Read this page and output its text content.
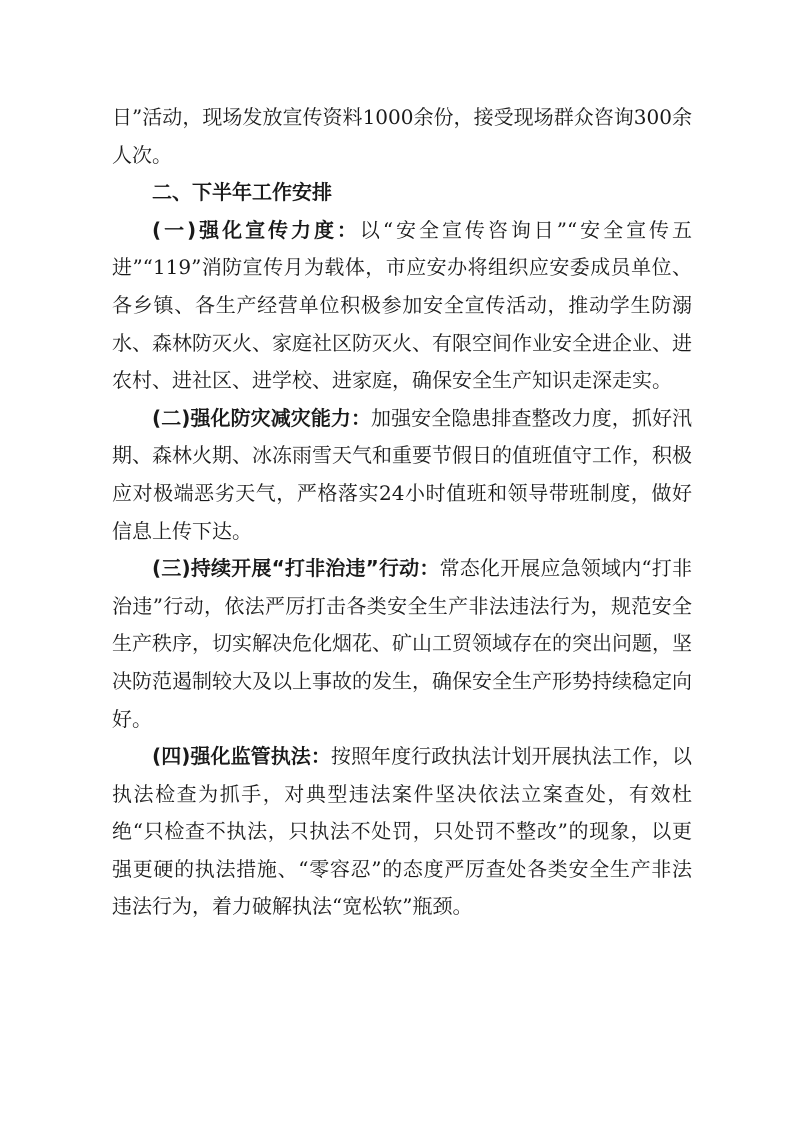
日”活动，现场发放宣传资料1000余份，接受现场群众咨询300余人次。

二、下半年工作安排

(一)强化宣传力度：以“安全宣传咨询日”“安全宣传五进”“119”消防宣传月为载体，市应安办将组织应安委成员单位、各乡镇、各生产经营单位积极参加安全宣传活动，推动学生防溺水、森林防灭火、家庭社区防灭火、有限空间作业安全进企业、进农村、进社区、进学校、进家庭，确保安全生产知识走深走实。

(二)强化防灾减灾能力：加强安全隐患排查整改力度，抓好汛期、森林火期、冰冻雨雪天气和重要节假日的值班值守工作，积极应对极端恶劣天气，严格落实24小时值班和领导带班制度，做好信息上传下达。

(三)持续开展“打非治违”行动：常态化开展应急领域内“打非治违”行动，依法严厉打击各类安全生产非法违法行为，规范安全生产秩序，切实解决危化烟花、矿山工贸领域存在的突出问题，坚决防范遏制较大及以上事故的发生，确保安全生产形势持续稳定向好。

(四)强化监管执法：按照年度行政执法计划开展执法工作，以执法检查为抓手，对典型违法案件坚决依法立案查处，有效杜绝“只检查不执法，只执法不处罚，只处罚不整改”的现象，以更强更硬的执法措施、“零容忍”的态度严厉查处各类安全生产非法违法行为，着力破解执法“宽松软”瓶颈。
